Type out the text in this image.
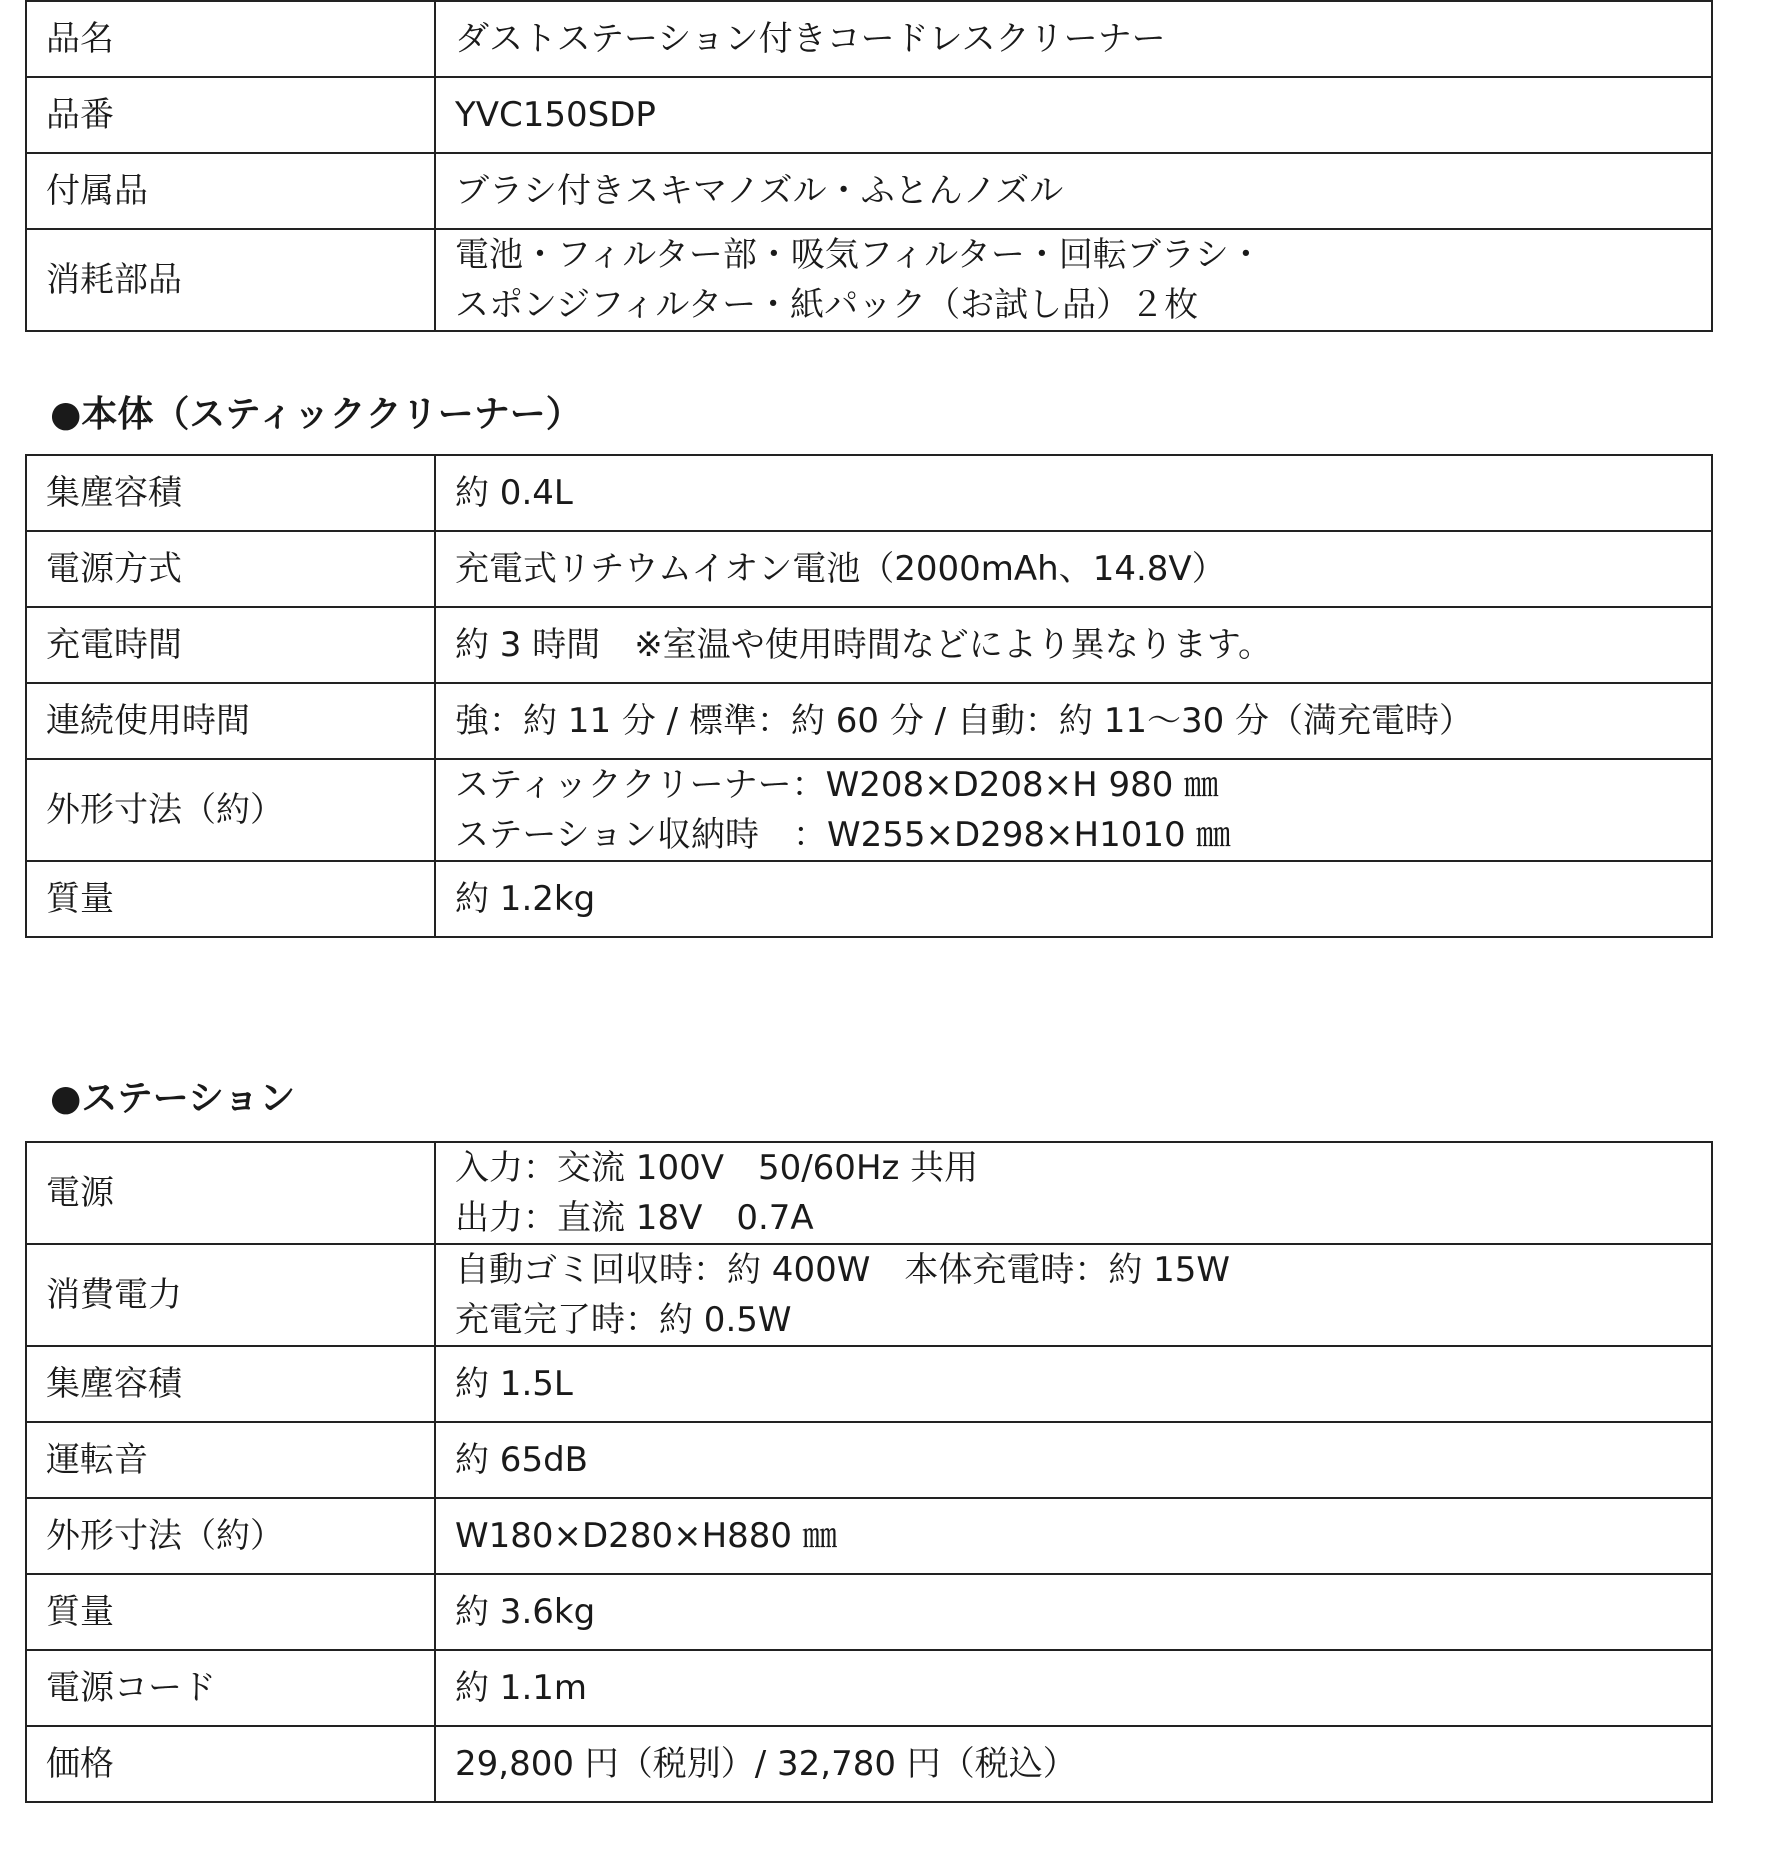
品名	ダストステーション付きコードレスクリーナー

品番	YVC150SDP

付属品	ブラシ付きスキマノズル・ふとんノズル

消耗部品	電池・フィルター部・吸気フィルター・回転ブラシ・
スポンジフィルター・紙パック（お試し品）２枚
●本体（スティッククリーナー）
集塵容積	約 0.4L

電源方式	充電式リチウムイオン電池（2000mAh、14.8V）

充電時間	約 3 時間　※室温や使用時間などにより異なります。

連続使用時間	強：約 11 分 / 標準：約 60 分 / 自動：約 11～30 分（満充電時）

外形寸法（約）	スティッククリーナー：W208×D208×H 980 ㎜
ステーション収納時　：W255×D298×H1010 ㎜

質量	約 1.2kg
●ステーション
電源	入力：交流 100V　50/60Hz 共用
出力：直流 18V　0.7A

消費電力	自動ゴミ回収時：約 400W　本体充電時：約 15W
充電完了時：約 0.5W

集塵容積	約 1.5L

運転音	約 65dB

外形寸法（約）	W180×D280×H880 ㎜

質量	約 3.6kg

電源コード	約 1.1m

価格	29,800 円（税別）/ 32,780 円（税込）
